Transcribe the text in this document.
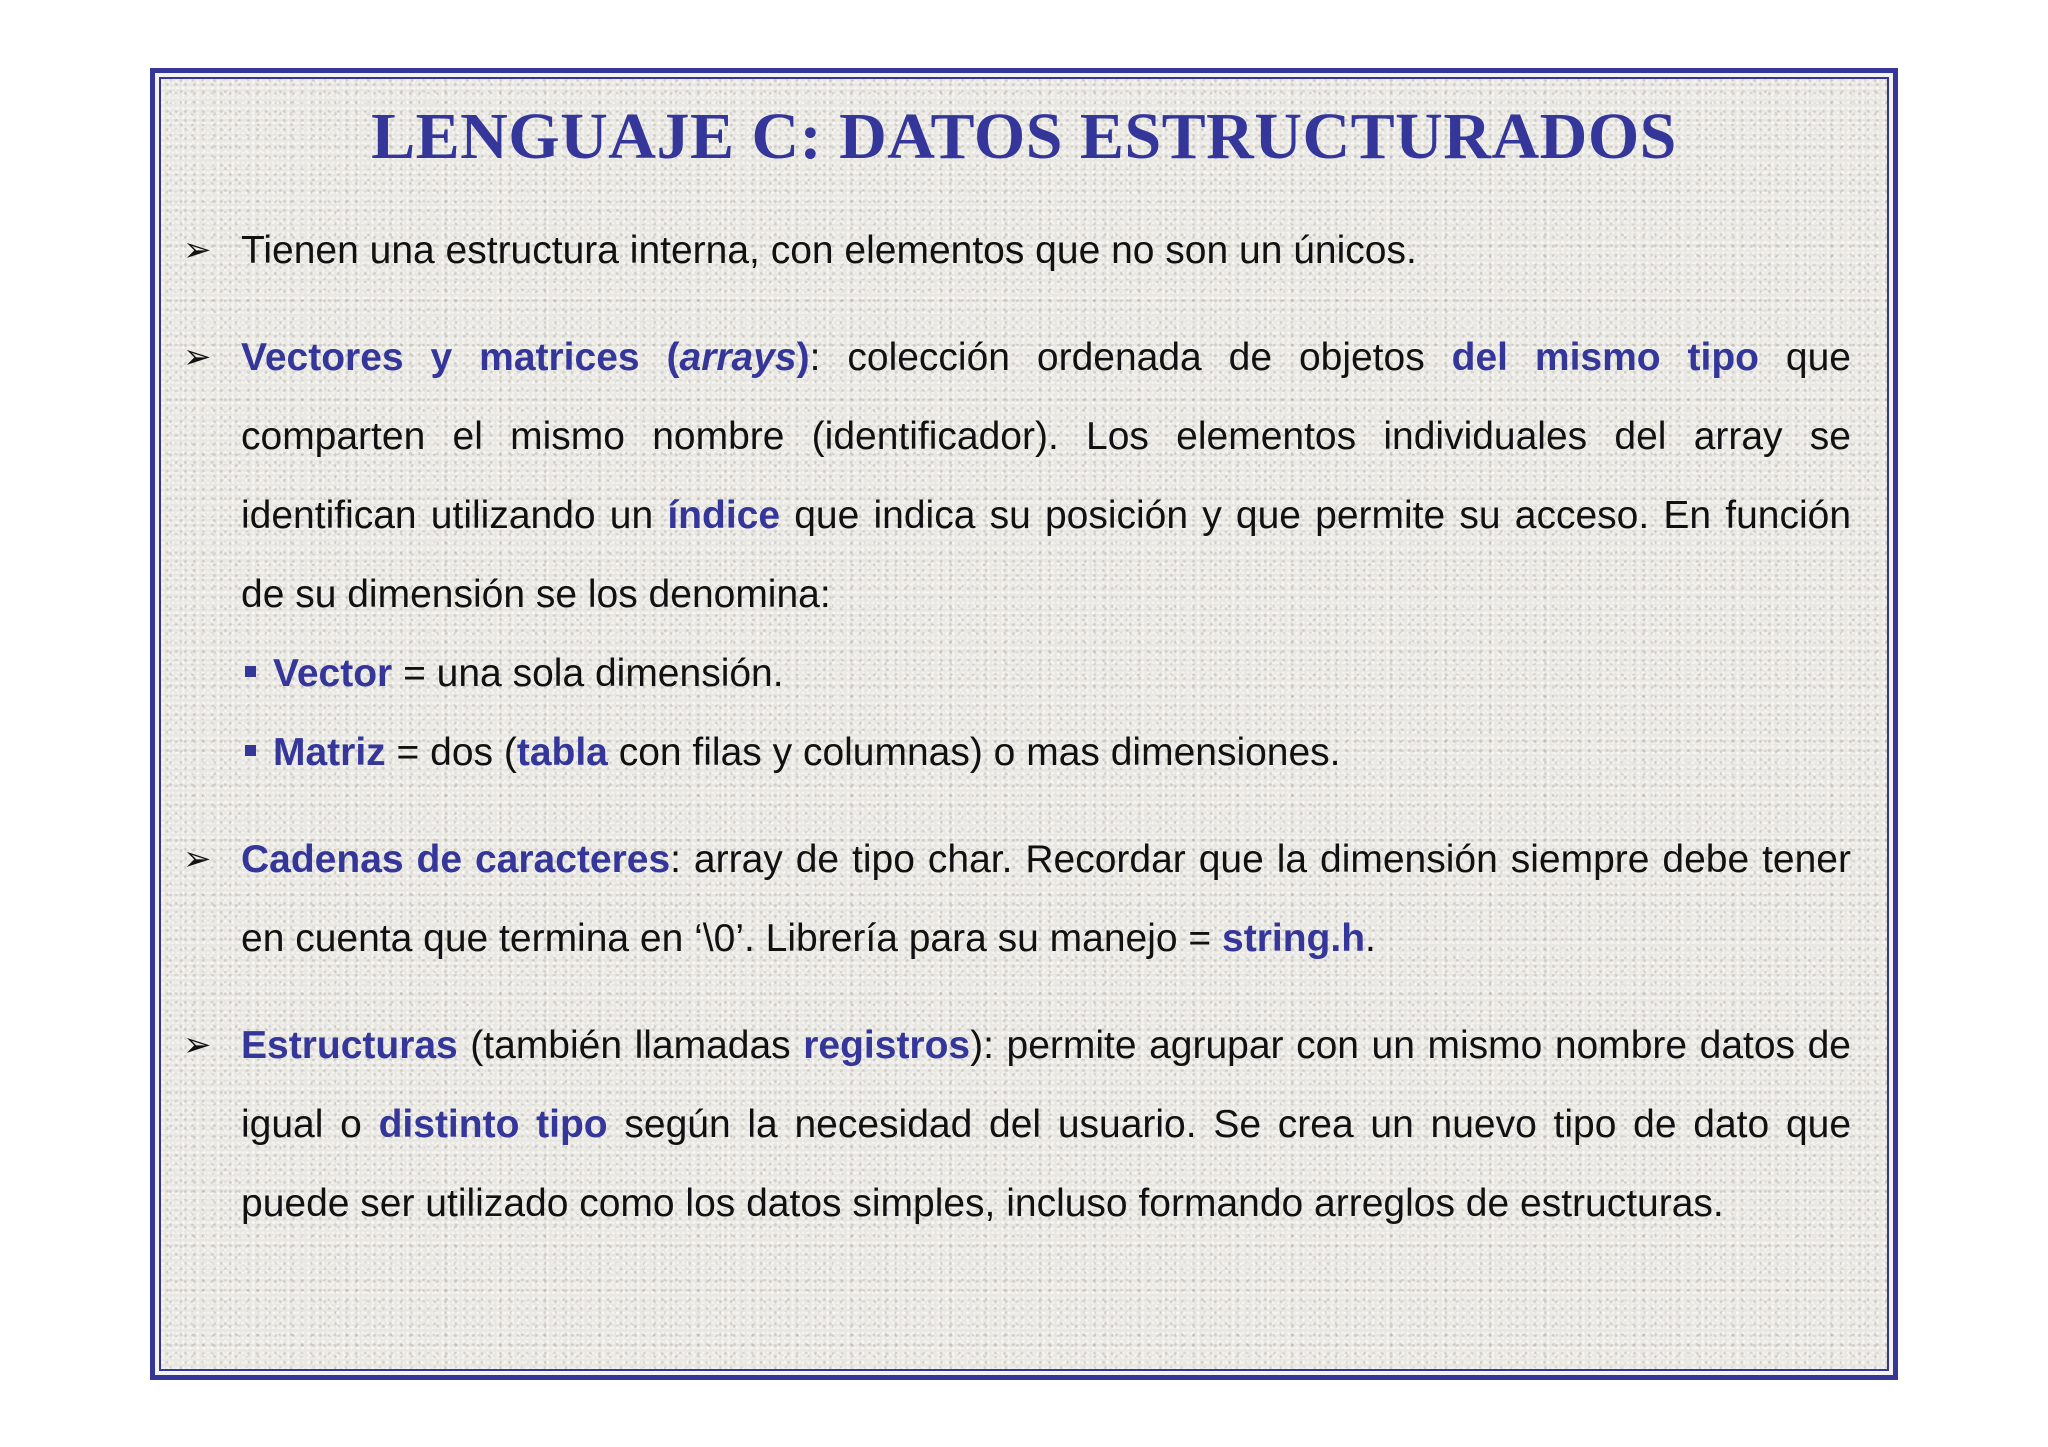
LENGUAJE C: DATOS ESTRUCTURADOS

➢ Tienen una estructura interna, con elementos que no son un únicos.

➢ Vectores y matrices (arrays): colección ordenada de objetos del mismo tipo que comparten el mismo nombre (identificador). Los elementos individuales del array se identifican utilizando un índice que indica su posición y que permite su acceso. En función de su dimensión se los denomina:
Vector = una sola dimensión.
Matriz = dos (tabla con filas y columnas) o mas dimensiones.

➢ Cadenas de caracteres: array de tipo char. Recordar que la dimensión siempre debe tener en cuenta que termina en ‘\0’. Librería para su manejo = string.h.

➢ Estructuras (también llamadas registros): permite agrupar con un mismo nombre datos de igual o distinto tipo según la necesidad del usuario. Se crea un nuevo tipo de dato que puede ser utilizado como los datos simples, incluso formando arreglos de estructuras.
